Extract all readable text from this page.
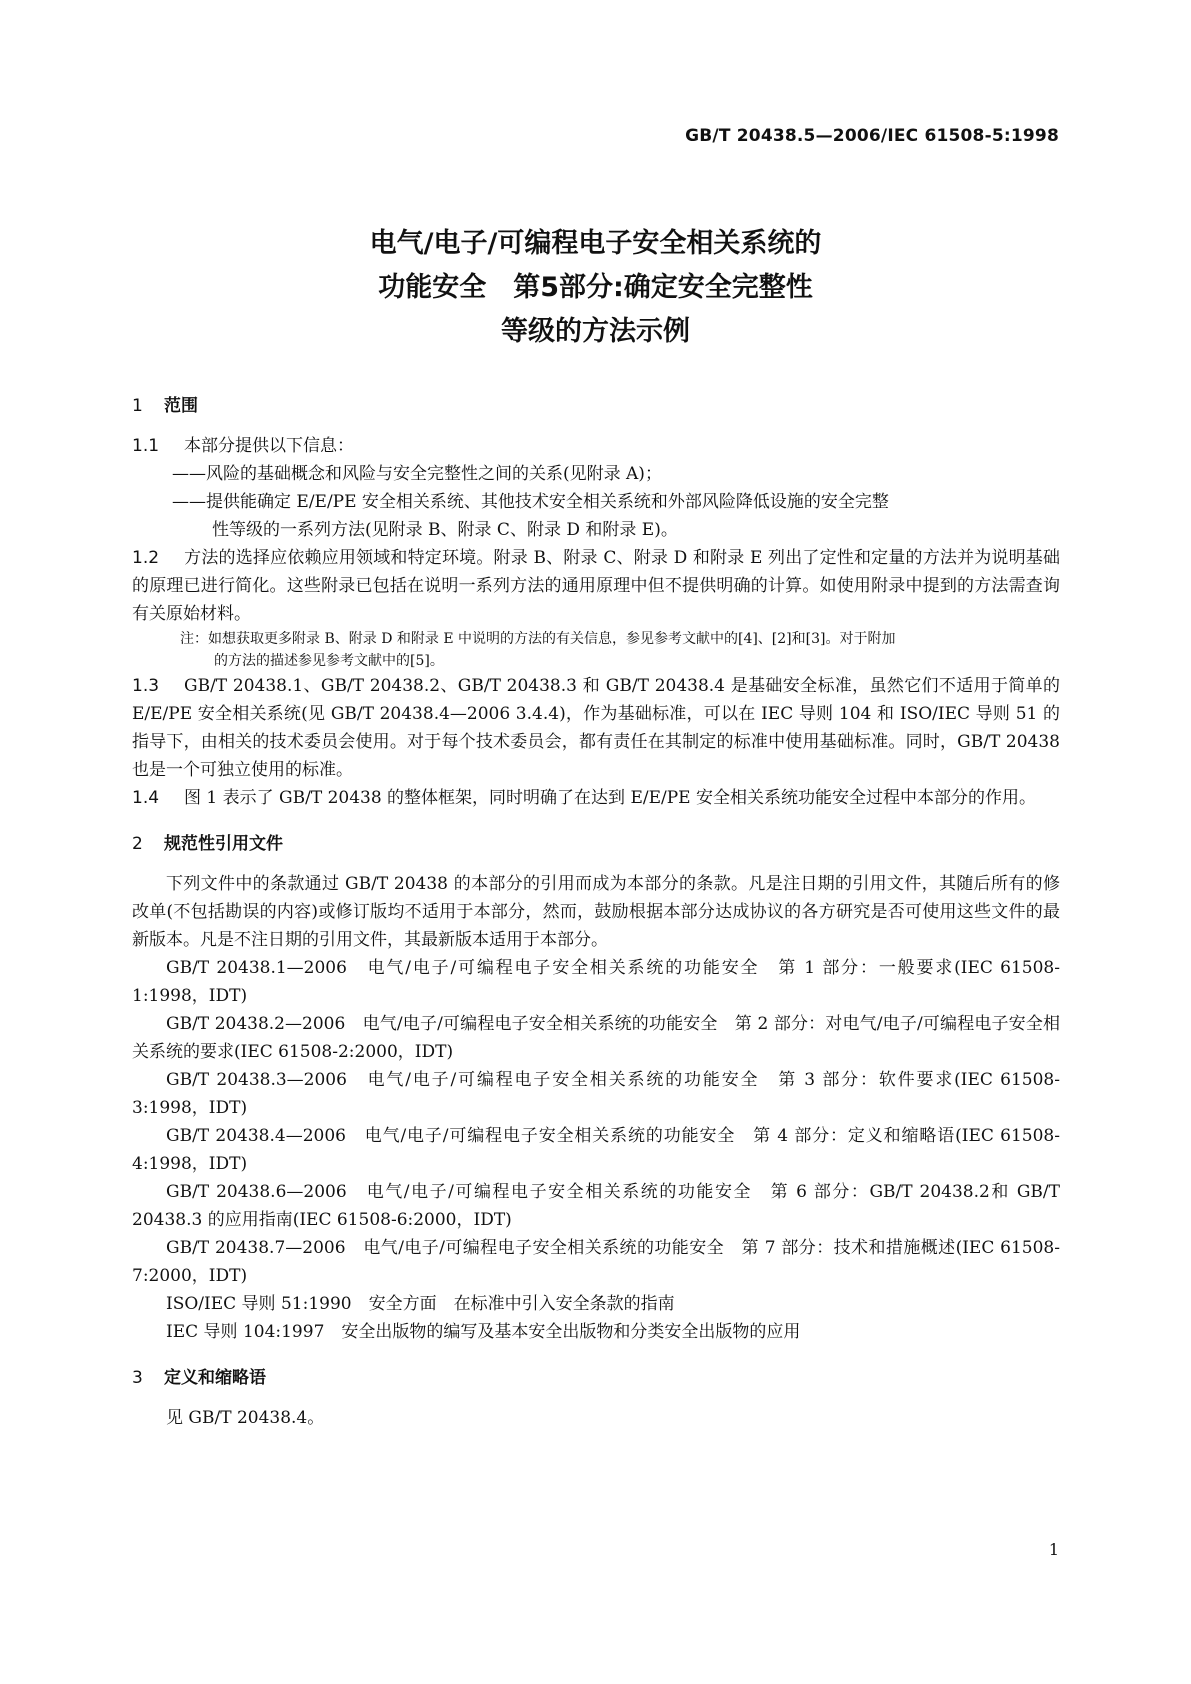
GB/T 20438.5—2006/IEC 61508-5:1998
电气/电子/可编程电子安全相关系统的
功能安全　第5部分:确定安全完整性
等级的方法示例
1 范围

1.1 本部分提供以下信息：

——风险的基础概念和风险与安全完整性之间的关系(见附录 A)；

——提供能确定 E/E/PE 安全相关系统、其他技术安全相关系统和外部风险降低设施的安全完整
性等级的一系列方法(见附录 B、附录 C、附录 D 和附录 E)。

1.2 方法的选择应依赖应用领域和特定环境。附录 B、附录 C、附录 D 和附录 E 列出了定性和定量的方法并为说明基础的原理已进行简化。这些附录已包括在说明一系列方法的通用原理中但不提供明确的计算。如使用附录中提到的方法需查询有关原始材料。

注：如想获取更多附录 B、附录 D 和附录 E 中说明的方法的有关信息，参见参考文献中的[4]、[2]和[3]。对于附加
的方法的描述参见参考文献中的[5]。

1.3 GB/T 20438.1、GB/T 20438.2、GB/T 20438.3 和 GB/T 20438.4 是基础安全标准，虽然它们不适用于简单的 E/E/PE 安全相关系统(见 GB/T 20438.4—2006 3.4.4)，作为基础标准，可以在 IEC 导则 104 和 ISO/IEC 导则 51 的指导下，由相关的技术委员会使用。对于每个技术委员会，都有责任在其制定的标准中使用基础标准。同时，GB/T 20438 也是一个可独立使用的标准。

1.4 图 1 表示了 GB/T 20438 的整体框架，同时明确了在达到 E/E/PE 安全相关系统功能安全过程中本部分的作用。

2 规范性引用文件

下列文件中的条款通过 GB/T 20438 的本部分的引用而成为本部分的条款。凡是注日期的引用文件，其随后所有的修改单(不包括勘误的内容)或修订版均不适用于本部分，然而，鼓励根据本部分达成协议的各方研究是否可使用这些文件的最新版本。凡是不注日期的引用文件，其最新版本适用于本部分。

GB/T 20438.1—2006　电气/电子/可编程电子安全相关系统的功能安全　第 1 部分：一般要求(IEC 61508-1:1998，IDT)

GB/T 20438.2—2006　电气/电子/可编程电子安全相关系统的功能安全　第 2 部分：对电气/电子/可编程电子安全相关系统的要求(IEC 61508-2:2000，IDT)

GB/T 20438.3—2006　电气/电子/可编程电子安全相关系统的功能安全　第 3 部分：软件要求(IEC 61508-3:1998，IDT)

GB/T 20438.4—2006　电气/电子/可编程电子安全相关系统的功能安全　第 4 部分：定义和缩略语(IEC 61508-4:1998，IDT)

GB/T 20438.6—2006　电气/电子/可编程电子安全相关系统的功能安全　第 6 部分：GB/T 20438.2和 GB/T 20438.3 的应用指南(IEC 61508-6:2000，IDT)

GB/T 20438.7—2006　电气/电子/可编程电子安全相关系统的功能安全　第 7 部分：技术和措施概述(IEC 61508-7:2000，IDT)

ISO/IEC 导则 51:1990　安全方面　在标准中引入安全条款的指南

IEC 导则 104:1997　安全出版物的编写及基本安全出版物和分类安全出版物的应用

3 定义和缩略语

见 GB/T 20438.4。

1
